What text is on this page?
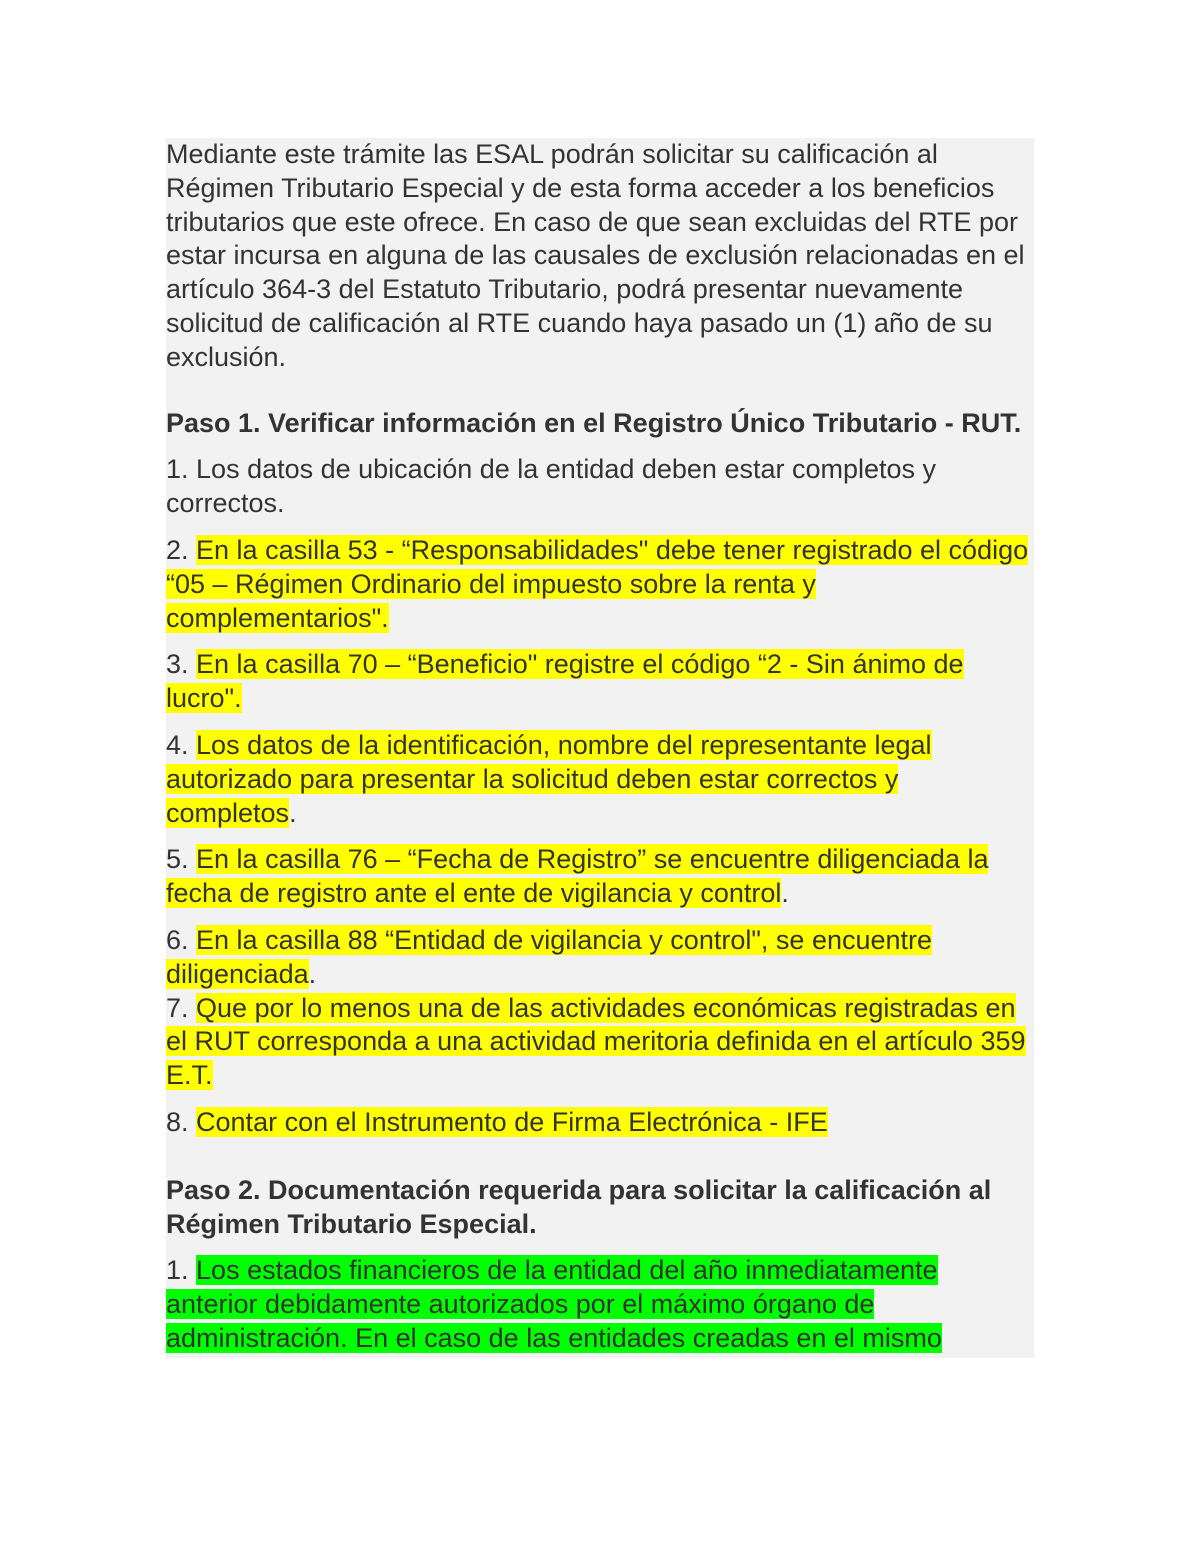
Mediante este trámite las ESAL podrán solicitar su calificación al Régimen Tributario Especial y de esta forma acceder a los beneficios tributarios que este ofrece. En caso de que sean excluidas del RTE por estar incursa en alguna de las causales de exclusión relacionadas en el artículo 364-3 del Estatuto Tributario, podrá presentar nuevamente solicitud de calificación al RTE cuando haya pasado un (1) año de su exclusión.

Paso 1. Verificar información en el Registro Único Tributario - RUT.

1. Los datos de ubicación de la entidad deben estar completos y correctos.

2. En la casilla 53 - “Responsabilidades" debe tener registrado el código “05 – Régimen Ordinario del impuesto sobre la renta y complementarios".

3. En la casilla 70 – “Beneficio" registre el código “2 - Sin ánimo de lucro".

4. Los datos de la identificación, nombre del representante legal autorizado para presentar la solicitud deben estar correctos y completos.

5. En la casilla 76 – “Fecha de Registro” se encuentre diligenciada la fecha de registro ante el ente de vigilancia y control.

6. En la casilla 88 “Entidad de vigilancia y control", se encuentre diligenciada.

7. Que por lo menos una de las actividades económicas registradas en el RUT corresponda a una actividad meritoria definida en el artículo 359 E.T.

8. Contar con el Instrumento de Firma Electrónica - IFE

Paso 2. Documentación requerida para solicitar la calificación al Régimen Tributario Especial.

1. Los estados financieros de la entidad del año inmediatamente anterior debidamente autorizados por el máximo órgano de administración. En el caso de las entidades creadas en el mismo
